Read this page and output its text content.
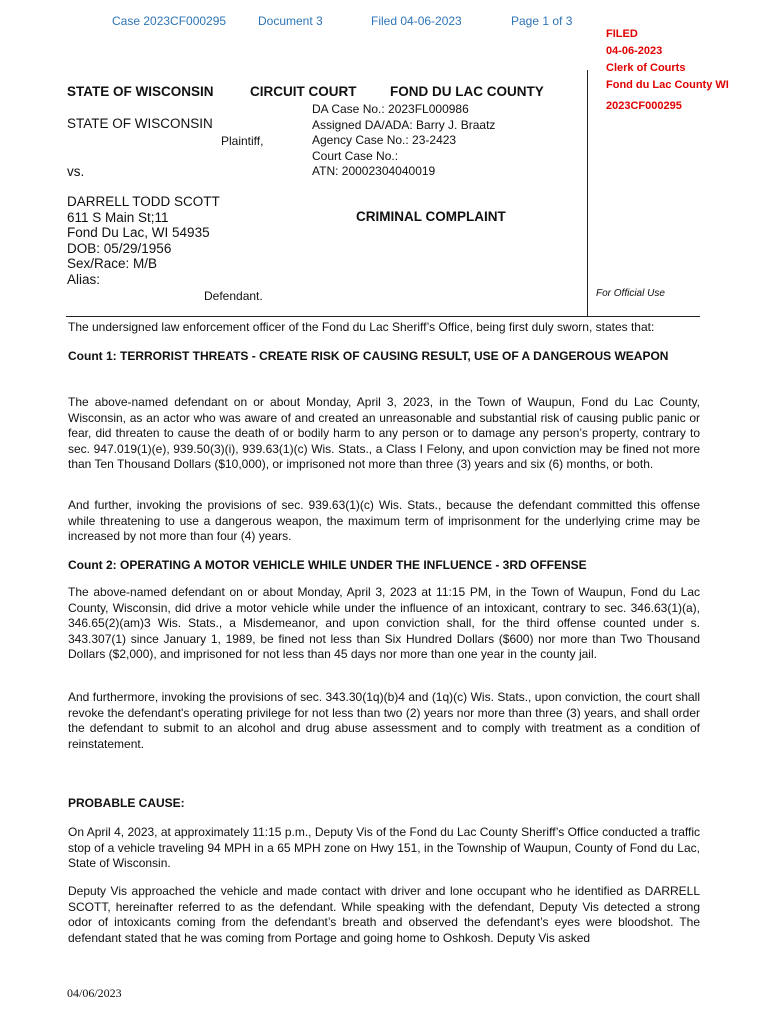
Case 2023CF000295	Document 3	Filed 04-06-2023	Page 1 of 3
FILED
04-06-2023
Clerk of Courts
Fond du Lac County WI
2023CF000295
STATE OF WISCONSIN	CIRCUIT COURT FOND DU LAC COUNTY
STATE OF WISCONSIN
Plaintiff,
vs.
DARRELL TODD SCOTT
611 S Main St;11
Fond Du Lac, WI 54935
DOB: 05/29/1956
Sex/Race: M/B
Alias:
Defendant.
DA Case No.: 2023FL000986
Assigned DA/ADA: Barry J. Braatz
Agency Case No.: 23-2423
Court Case No.:
ATN: 20002304040019
CRIMINAL COMPLAINT
For Official Use
The undersigned law enforcement officer of the Fond du Lac Sheriff’s Office, being first duly sworn, states that:
Count 1: TERRORIST THREATS - CREATE RISK OF CAUSING RESULT, USE OF A DANGEROUS WEAPON
The above-named defendant on or about Monday, April 3, 2023, in the Town of Waupun, Fond du Lac County, Wisconsin, as an actor who was aware of and created an unreasonable and substantial risk of causing public panic or fear, did threaten to cause the death of or bodily harm to any person or to damage any person’s property, contrary to sec. 947.019(1)(e), 939.50(3)(i), 939.63(1)(c) Wis. Stats., a Class I Felony, and upon conviction may be fined not more than Ten Thousand Dollars ($10,000), or imprisoned not more than three (3) years and six (6) months, or both.
And further, invoking the provisions of sec. 939.63(1)(c) Wis. Stats., because the defendant committed this offense while threatening to use a dangerous weapon, the maximum term of imprisonment for the underlying crime may be increased by not more than four (4) years.
Count 2: OPERATING A MOTOR VEHICLE WHILE UNDER THE INFLUENCE - 3RD OFFENSE
The above-named defendant on or about Monday, April 3, 2023 at 11:15 PM, in the Town of Waupun, Fond du Lac County, Wisconsin, did drive a motor vehicle while under the influence of an intoxicant, contrary to sec. 346.63(1)(a), 346.65(2)(am)3 Wis. Stats., a Misdemeanor, and upon conviction shall, for the third offense counted under s. 343.307(1) since January 1, 1989, be fined not less than Six Hundred Dollars ($600) nor more than Two Thousand Dollars ($2,000), and imprisoned for not less than 45 days nor more than one year in the county jail.
And furthermore, invoking the provisions of sec. 343.30(1q)(b)4 and (1q)(c) Wis. Stats., upon conviction, the court shall revoke the defendant's operating privilege for not less than two (2) years nor more than three (3) years, and shall order the defendant to submit to an alcohol and drug abuse assessment and to comply with treatment as a condition of reinstatement.
PROBABLE CAUSE:
On April 4, 2023, at approximately 11:15 p.m., Deputy Vis of the Fond du Lac County Sheriff’s Office conducted a traffic stop of a vehicle traveling 94 MPH in a 65 MPH zone on Hwy 151, in the Township of Waupun, County of Fond du Lac, State of Wisconsin.
Deputy Vis approached the vehicle and made contact with driver and lone occupant who he identified as DARRELL SCOTT, hereinafter referred to as the defendant. While speaking with the defendant, Deputy Vis detected a strong odor of intoxicants coming from the defendant’s breath and observed the defendant’s eyes were bloodshot. The defendant stated that he was coming from Portage and going home to Oshkosh. Deputy Vis asked
04/06/2023
